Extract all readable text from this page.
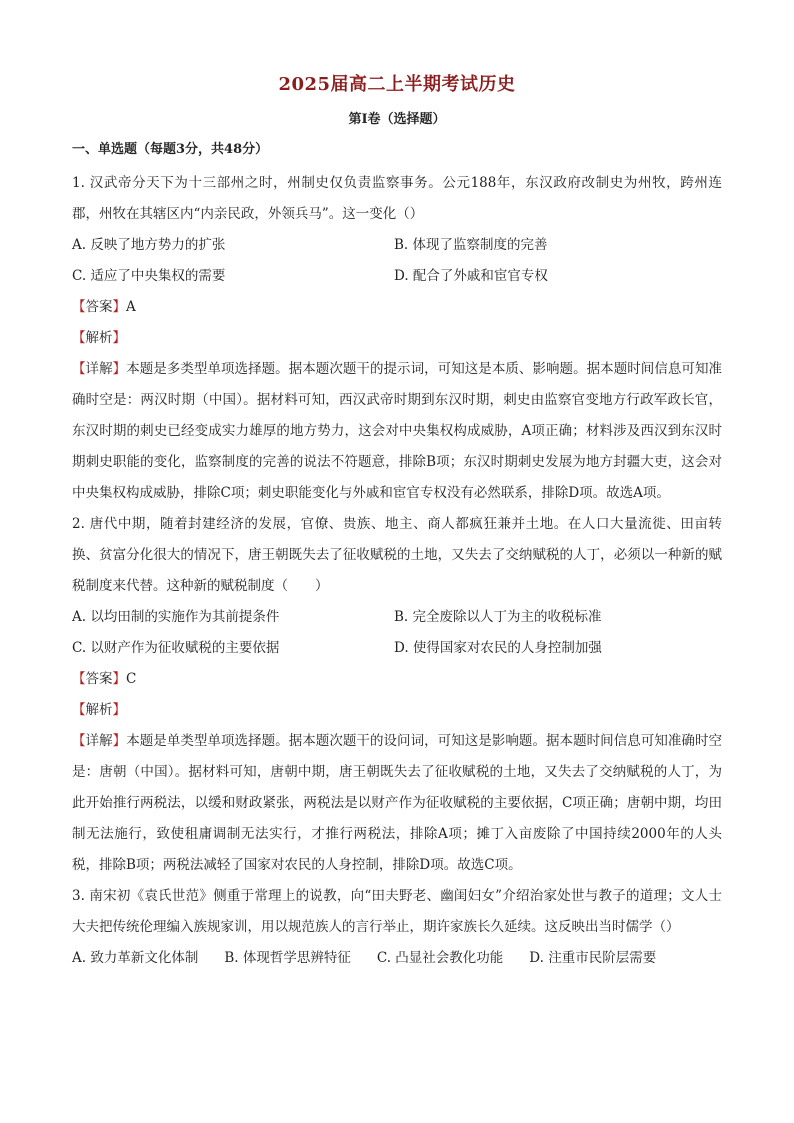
2025届高二上半期考试历史
第I卷（选择题）
一、单选题（每题3分，共48分）
1. 汉武帝分天下为十三部州之时，州制史仅负责监察事务。公元188年，东汉政府改制史为州牧，跨州连郡，州牧在其辖区内“内亲民政，外领兵马”。这一变化（）
A. 反映了地方势力的扩张	B. 体现了监察制度的完善
C. 适应了中央集权的需要	D. 配合了外戚和宦官专权
【答案】A
【解析】
【详解】本题是多类型单项选择题。据本题次题干的提示词，可知这是本质、影响题。据本题时间信息可知准确时空是：两汉时期（中国）。据材料可知，西汉武帝时期到东汉时期，刺史由监察官变地方行政军政长官，东汉时期的刺史已经变成实力雄厚的地方势力，这会对中央集权构成威胁，A项正确；材料涉及西汉到东汉时期刺史职能的变化，监察制度的完善的说法不符题意，排除B项；东汉时期刺史发展为地方封疆大吏，这会对中央集权构成威胁，排除C项；刺史职能变化与外戚和宦官专权没有必然联系，排除D项。故选A项。
2. 唐代中期，随着封建经济的发展，官僚、贵族、地主、商人都疯狂兼并土地。在人口大量流徙、田亩转换、贫富分化很大的情况下，唐王朝既失去了征收赋税的土地，又失去了交纳赋税的人丁，必须以一种新的赋税制度来代替。这种新的赋税制度（　　）
A. 以均田制的实施作为其前提条件	B. 完全废除以人丁为主的收税标准
C. 以财产作为征收赋税的主要依据	D. 使得国家对农民的人身控制加强
【答案】C
【解析】
【详解】本题是单类型单项选择题。据本题次题干的设问词，可知这是影响题。据本题时间信息可知准确时空是：唐朝（中国）。据材料可知，唐朝中期，唐王朝既失去了征收赋税的土地，又失去了交纳赋税的人丁，为此开始推行两税法，以缓和财政紧张，两税法是以财产作为征收赋税的主要依据，C项正确；唐朝中期，均田制无法施行，致使租庸调制无法实行，才推行两税法，排除A项；摊丁入亩废除了中国持续2000年的人头税，排除B项；两税法减轻了国家对农民的人身控制，排除D项。故选C项。
3. 南宋初《袁氏世范》侧重于常理上的说教，向“田夫野老、幽闺妇女”介绍治家处世与教子的道理；文人士大夫把传统伦理编入族规家训，用以规范族人的言行举止，期许家族长久延续。这反映出当时儒学（）
A. 致力革新文化体制 B. 体现哲学思辨特征 C. 凸显社会教化功能 D. 注重市民阶层需要
